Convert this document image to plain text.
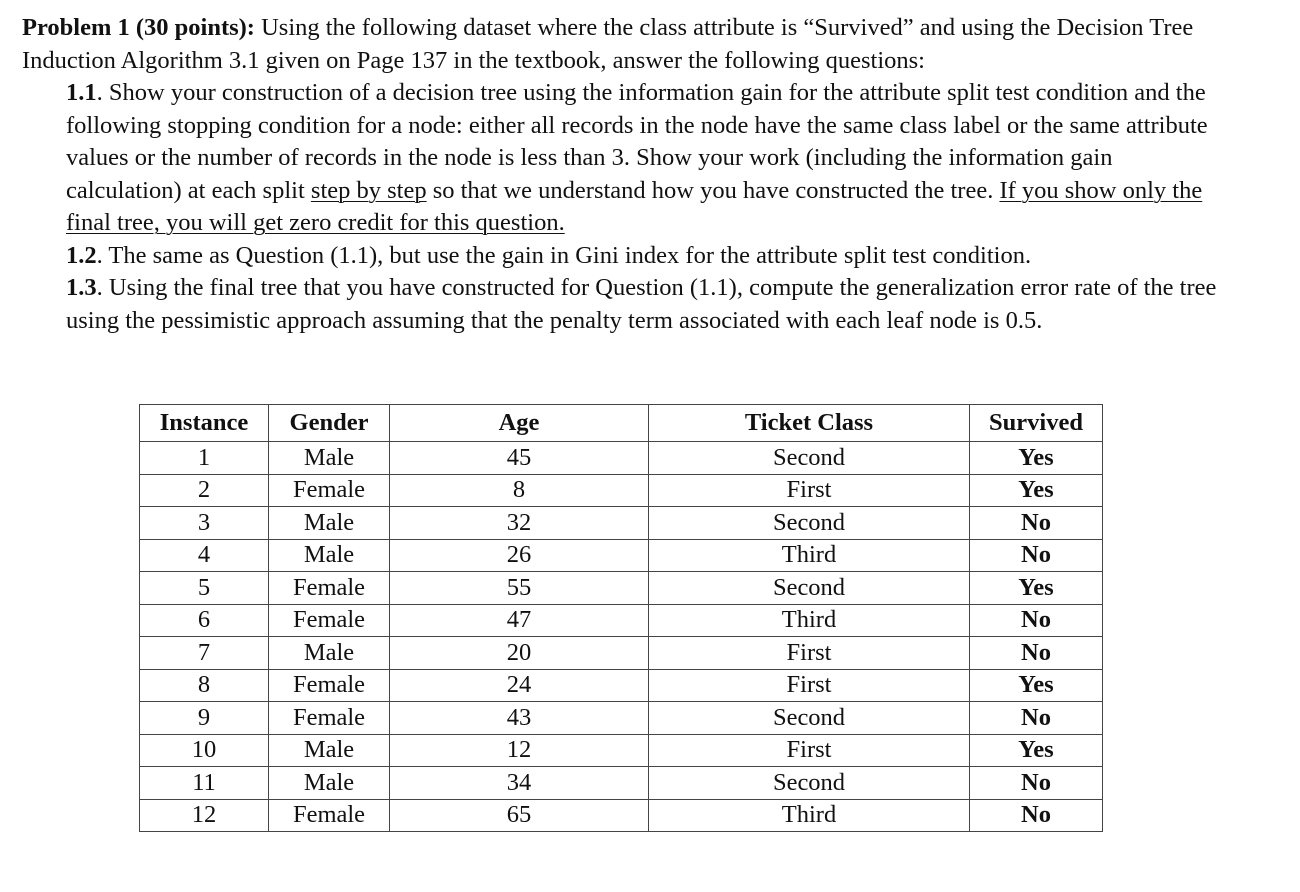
Problem 1 (30 points): Using the following dataset where the class attribute is “Survived” and using the Decision Tree Induction Algorithm 3.1 given on Page 137 in the textbook, answer the following questions:

1.1. Show your construction of a decision tree using the information gain for the attribute split test condition and the following stopping condition for a node: either all records in the node have the same class label or the same attribute values or the number of records in the node is less than 3. Show your work (including the information gain calculation) at each split step by step so that we understand how you have constructed the tree. If you show only the final tree, you will get zero credit for this question.

1.2. The same as Question (1.1), but use the gain in Gini index for the attribute split test condition.

1.3. Using the final tree that you have constructed for Question (1.1), compute the generalization error rate of the tree using the pessimistic approach assuming that the penalty term associated with each leaf node is 0.5.

Instance	Gender	Age	Ticket Class	Survived
1	Male	45	Second	Yes
2	Female	8	First	Yes
3	Male	32	Second	No
4	Male	26	Third	No
5	Female	55	Second	Yes
6	Female	47	Third	No
7	Male	20	First	No
8	Female	24	First	Yes
9	Female	43	Second	No
10	Male	12	First	Yes
11	Male	34	Second	No
12	Female	65	Third	No
